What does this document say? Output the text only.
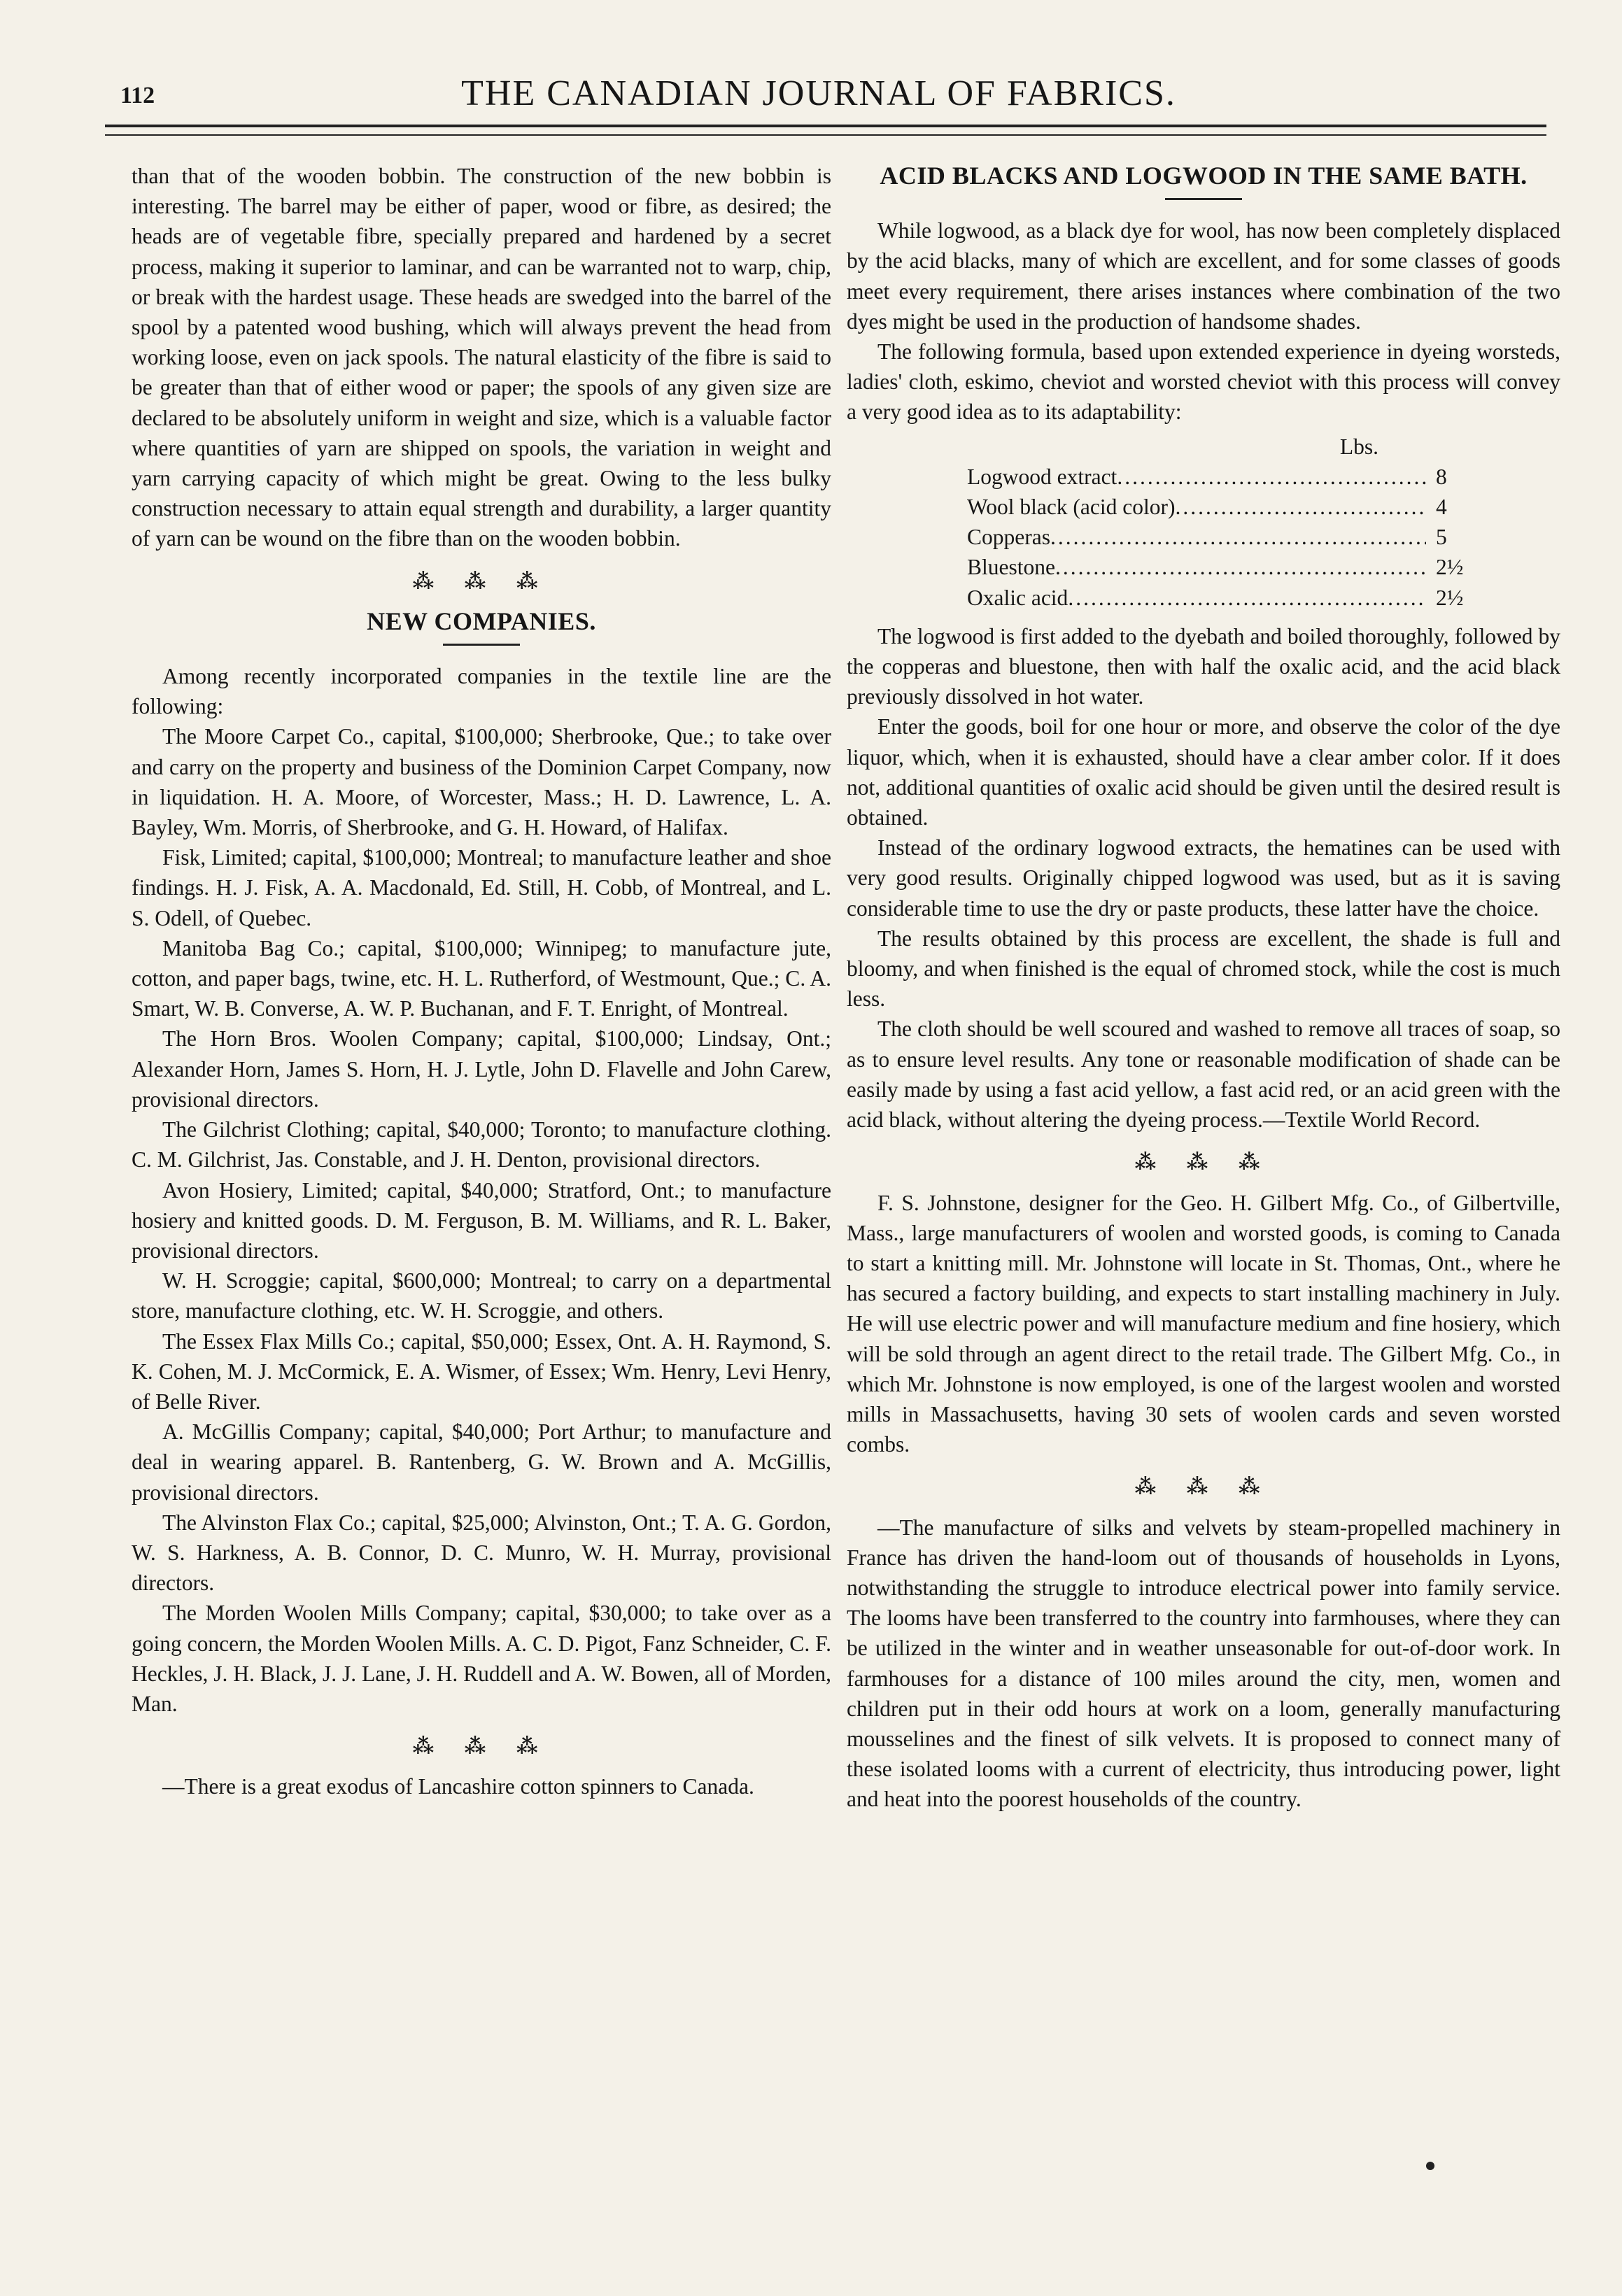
112	THE CANADIAN JOURNAL OF FABRICS.

than that of the wooden bobbin. The construction of the new bobbin is interesting. The barrel may be either of paper, wood or fibre, as desired; the heads are of vegetable fibre, specially prepared and hardened by a secret process, making it superior to laminar, and can be warranted not to warp, chip, or break with the hardest usage. These heads are swedged into the barrel of the spool by a patented wood bushing, which will always prevent the head from working loose, even on jack spools. The natural elasticity of the fibre is said to be greater than that of either wood or paper; the spools of any given size are declared to be absolutely uniform in weight and size, which is a valuable factor where quantities of yarn are shipped on spools, the variation in weight and yarn carrying capacity of which might be great. Owing to the less bulky construction necessary to attain equal strength and durability, a larger quantity of yarn can be wound on the fibre than on the wooden bobbin.

⁂ ⁂ ⁂
NEW COMPANIES.

Among recently incorporated companies in the textile line are the following:

The Moore Carpet Co., capital, $100,000; Sherbrooke, Que.; to take over and carry on the property and business of the Dominion Carpet Company, now in liquidation. H. A. Moore, of Worcester, Mass.; H. D. Lawrence, L. A. Bayley, Wm. Morris, of Sherbrooke, and G. H. Howard, of Halifax.

Fisk, Limited; capital, $100,000; Montreal; to manufacture leather and shoe findings. H. J. Fisk, A. A. Macdonald, Ed. Still, H. Cobb, of Montreal, and L. S. Odell, of Quebec.

Manitoba Bag Co.; capital, $100,000; Winnipeg; to manufacture jute, cotton, and paper bags, twine, etc. H. L. Rutherford, of Westmount, Que.; C. A. Smart, W. B. Converse, A. W. P. Buchanan, and F. T. Enright, of Montreal.

The Horn Bros. Woolen Company; capital, $100,000; Lindsay, Ont.; Alexander Horn, James S. Horn, H. J. Lytle, John D. Flavelle and John Carew, provisional directors.

The Gilchrist Clothing; capital, $40,000; Toronto; to manufacture clothing. C. M. Gilchrist, Jas. Constable, and J. H. Denton, provisional directors.

Avon Hosiery, Limited; capital, $40,000; Stratford, Ont.; to manufacture hosiery and knitted goods. D. M. Ferguson, B. M. Williams, and R. L. Baker, provisional directors.

W. H. Scroggie; capital, $600,000; Montreal; to carry on a departmental store, manufacture clothing, etc. W. H. Scroggie, and others.

The Essex Flax Mills Co.; capital, $50,000; Essex, Ont. A. H. Raymond, S. K. Cohen, M. J. McCormick, E. A. Wismer, of Essex; Wm. Henry, Levi Henry, of Belle River.

A. McGillis Company; capital, $40,000; Port Arthur; to manufacture and deal in wearing apparel. B. Rantenberg, G. W. Brown and A. McGillis, provisional directors.

The Alvinston Flax Co.; capital, $25,000; Alvinston, Ont.; T. A. G. Gordon, W. S. Harkness, A. B. Connor, D. C. Munro, W. H. Murray, provisional directors.

The Morden Woolen Mills Company; capital, $30,000; to take over as a going concern, the Morden Woolen Mills. A. C. D. Pigot, Fanz Schneider, C. F. Heckles, J. H. Black, J. J. Lane, J. H. Ruddell and A. W. Bowen, all of Morden, Man.

⁂ ⁂ ⁂

—There is a great exodus of Lancashire cotton spinners to Canada.

ACID BLACKS AND LOGWOOD IN THE SAME BATH.

While logwood, as a black dye for wool, has now been completely displaced by the acid blacks, many of which are excellent, and for some classes of goods meet every requirement, there arises instances where combination of the two dyes might be used in the production of handsome shades.

The following formula, based upon extended experience in dyeing worsteds, ladies' cloth, eskimo, cheviot and worsted cheviot with this process will convey a very good idea as to its adaptability:

Lbs.
Logwood extract .....	8
Wool black (acid color) .....	4
Copperas .....	5
Bluestone .....	2½
Oxalic acid .....	2½

The logwood is first added to the dyebath and boiled thoroughly, followed by the copperas and bluestone, then with half the oxalic acid, and the acid black previously dissolved in hot water.

Enter the goods, boil for one hour or more, and observe the color of the dye liquor, which, when it is exhausted, should have a clear amber color. If it does not, additional quantities of oxalic acid should be given until the desired result is obtained.

Instead of the ordinary logwood extracts, the hematines can be used with very good results. Originally chipped logwood was used, but as it is saving considerable time to use the dry or paste products, these latter have the choice.

The results obtained by this process are excellent, the shade is full and bloomy, and when finished is the equal of chromed stock, while the cost is much less.

The cloth should be well scoured and washed to remove all traces of soap, so as to ensure level results. Any tone or reasonable modification of shade can be easily made by using a fast acid yellow, a fast acid red, or an acid green with the acid black, without altering the dyeing process.—Textile World Record.

⁂ ⁂ ⁂

F. S. Johnstone, designer for the Geo. H. Gilbert Mfg. Co., of Gilbertville, Mass., large manufacturers of woolen and worsted goods, is coming to Canada to start a knitting mill. Mr. Johnstone will locate in St. Thomas, Ont., where he has secured a factory building, and expects to start installing machinery in July. He will use electric power and will manufacture medium and fine hosiery, which will be sold through an agent direct to the retail trade. The Gilbert Mfg. Co., in which Mr. Johnstone is now employed, is one of the largest woolen and worsted mills in Massachusetts, having 30 sets of woolen cards and seven worsted combs.

⁂ ⁂ ⁂

—The manufacture of silks and velvets by steam-propelled machinery in France has driven the hand-loom out of thousands of households in Lyons, notwithstanding the struggle to introduce electrical power into family service. The looms have been transferred to the country into farmhouses, where they can be utilized in the winter and in weather unseasonable for out-of-door work. In farmhouses for a distance of 100 miles around the city, men, women and children put in their odd hours at work on a loom, generally manufacturing mousselines and the finest of silk velvets. It is proposed to connect many of these isolated looms with a current of electricity, thus introducing power, light and heat into the poorest households of the country.
